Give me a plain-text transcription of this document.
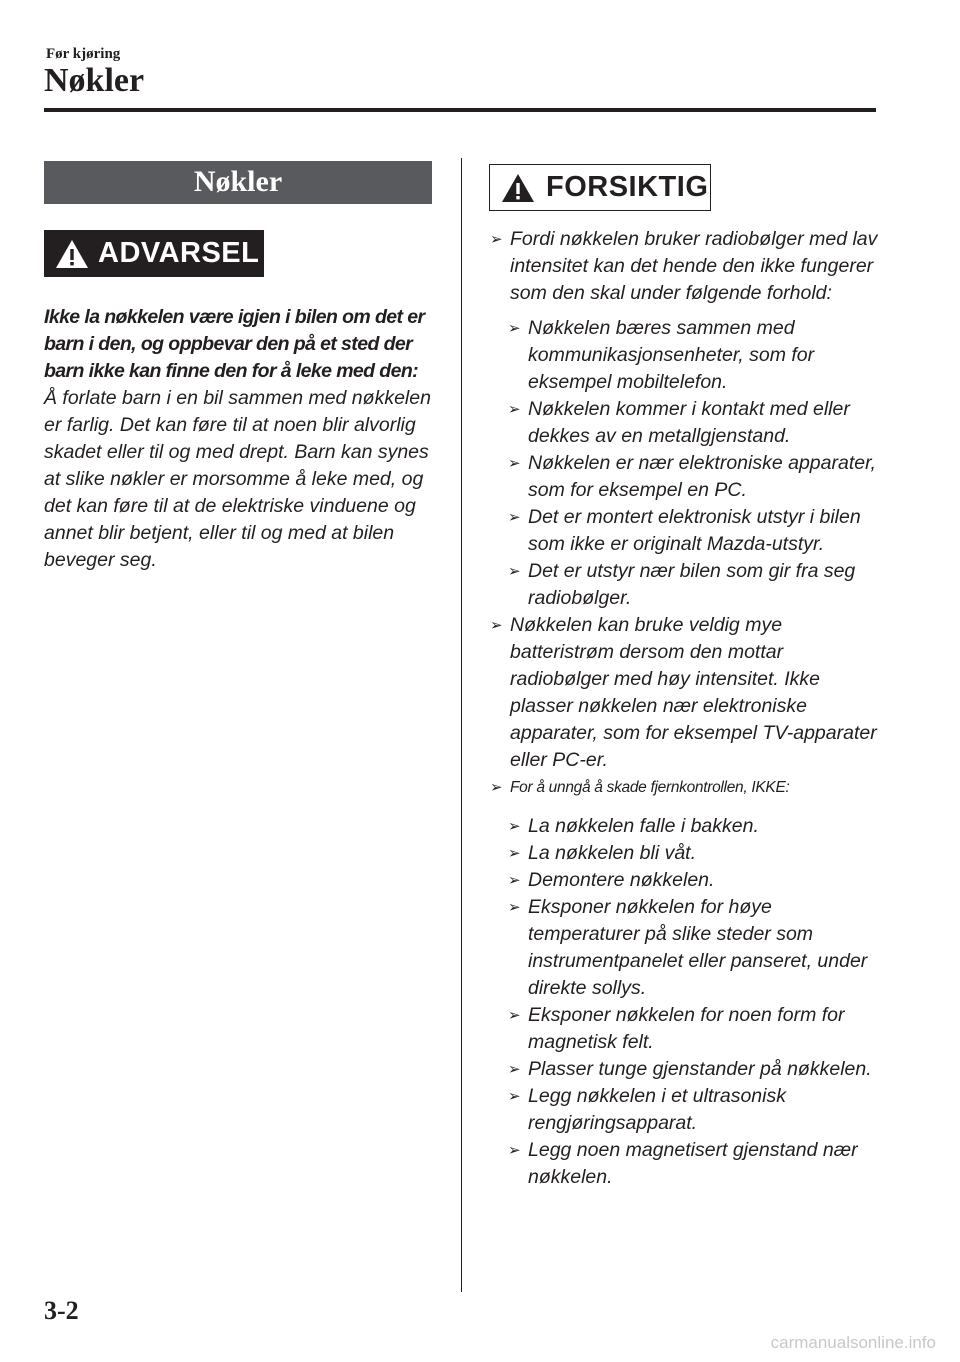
Før kjøring
Nøkler
Nøkler
ADVARSEL
Ikke la nøkkelen være igjen i bilen om det er barn i den, og oppbevar den på et sted der barn ikke kan finne den for å leke med den:
Å forlate barn i en bil sammen med nøkkelen er farlig. Det kan føre til at noen blir alvorlig skadet eller til og med drept. Barn kan synes at slike nøkler er morsomme å leke med, og det kan føre til at de elektriske vinduene og annet blir betjent, eller til og med at bilen beveger seg.
FORSIKTIG
➢ Fordi nøkkelen bruker radiobølger med lav intensitet kan det hende den ikke fungerer som den skal under følgende forhold:
➢ Nøkkelen bæres sammen med kommunikasjonsenheter, som for eksempel mobiltelefon.
➢ Nøkkelen kommer i kontakt med eller dekkes av en metallgjenstand.
➢ Nøkkelen er nær elektroniske apparater, som for eksempel en PC.
➢ Det er montert elektronisk utstyr i bilen som ikke er originalt Mazda-utstyr.
➢ Det er utstyr nær bilen som gir fra seg radiobølger.
➢ Nøkkelen kan bruke veldig mye batteristrøm dersom den mottar radiobølger med høy intensitet. Ikke plasser nøkkelen nær elektroniske apparater, som for eksempel TV-apparater eller PC-er.
➢ For å unngå å skade fjernkontrollen, IKKE:
➢ La nøkkelen falle i bakken.
➢ La nøkkelen bli våt.
➢ Demontere nøkkelen.
➢ Eksponer nøkkelen for høye temperaturer på slike steder som instrumentpanelet eller panseret, under direkte sollys.
➢ Eksponer nøkkelen for noen form for magnetisk felt.
➢ Plasser tunge gjenstander på nøkkelen.
➢ Legg nøkkelen i et ultrasonisk rengjøringsapparat.
➢ Legg noen magnetisert gjenstand nær nøkkelen.
3-2
carmanualsonline.info
